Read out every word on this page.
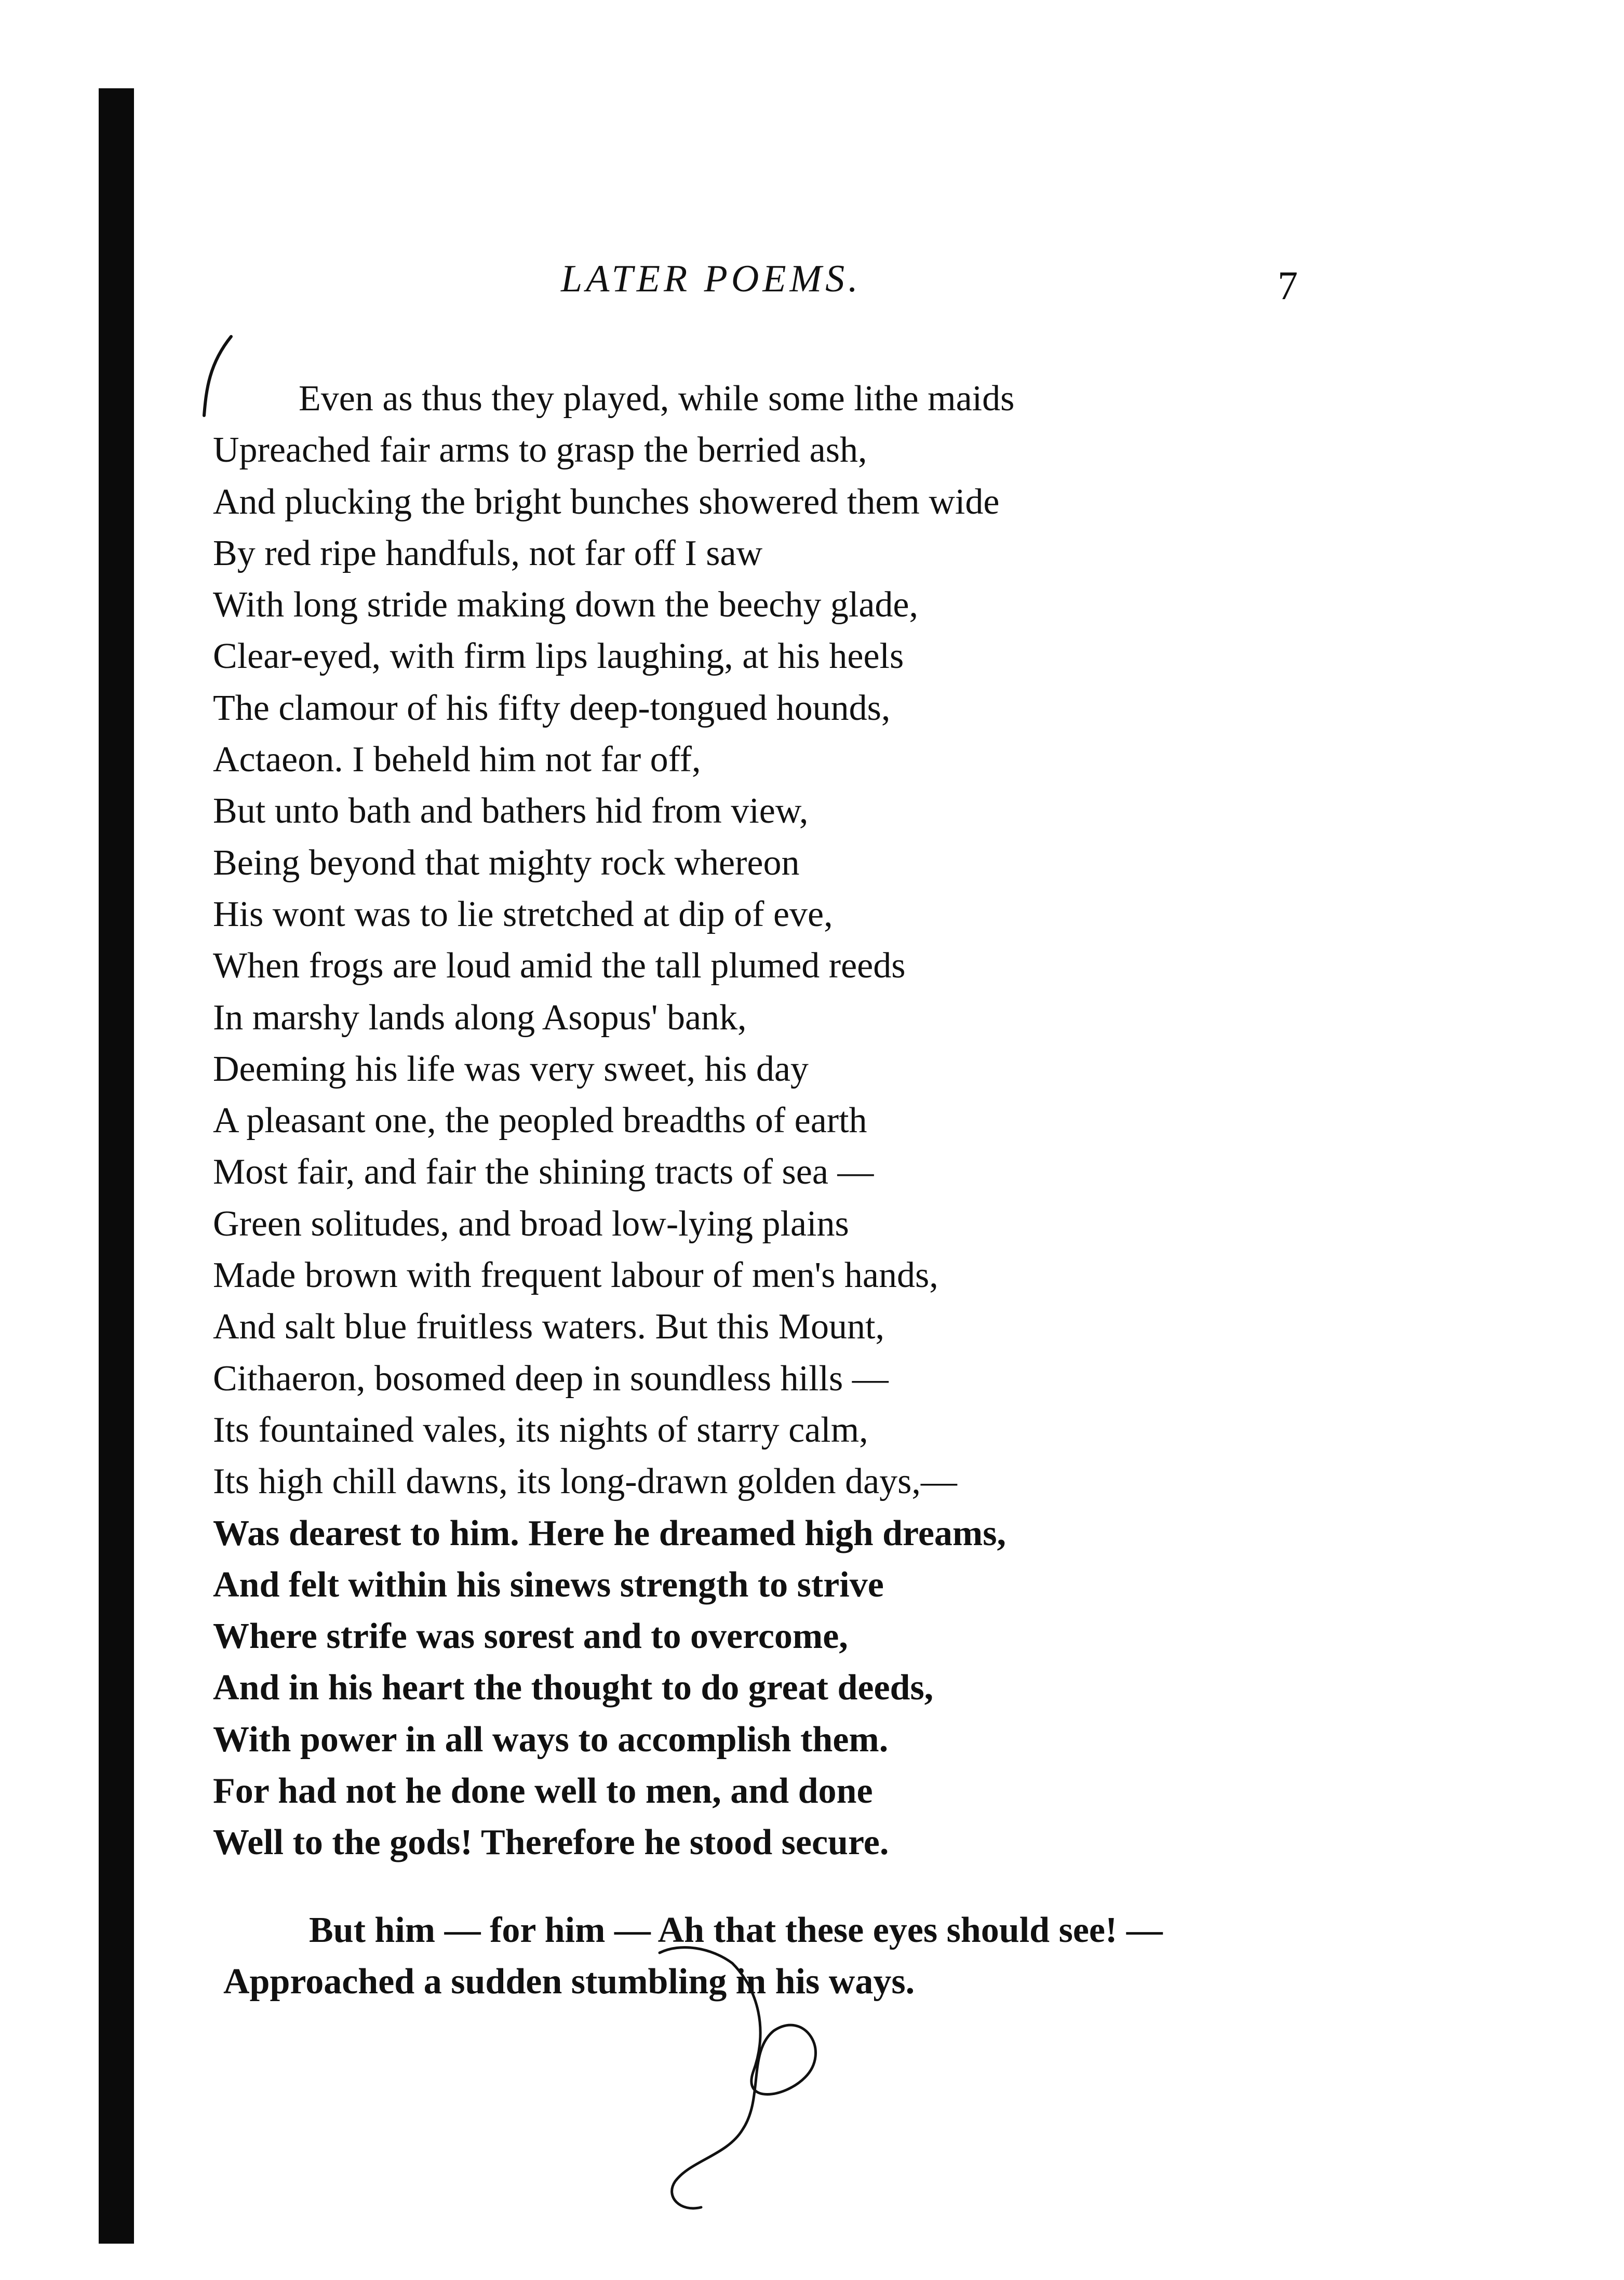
LATER POEMS.	7
Even as thus they played, while some lithe maids
Upreached fair arms to grasp the berried ash,
And plucking the bright bunches showered them wide
By red ripe handfuls, not far off I saw
With long stride making down the beechy glade,
Clear-eyed, with firm lips laughing, at his heels
The clamour of his fifty deep-tongued hounds,
Actaeon. I beheld him not far off,
But unto bath and bathers hid from view,
Being beyond that mighty rock whereon
His wont was to lie stretched at dip of eve,
When frogs are loud amid the tall plumed reeds
In marshy lands along Asopus' bank,
Deeming his life was very sweet, his day
A pleasant one, the peopled breadths of earth
Most fair, and fair the shining tracts of sea —
Green solitudes, and broad low-lying plains
Made brown with frequent labour of men's hands,
And salt blue fruitless waters. But this Mount,
Cithaeron, bosomed deep in soundless hills —
Its fountained vales, its nights of starry calm,
Its high chill dawns, its long-drawn golden days,—
Was dearest to him. Here he dreamed high dreams,
And felt within his sinews strength to strive
Where strife was sorest and to overcome,
And in his heart the thought to do great deeds,
With power in all ways to accomplish them.
For had not he done well to men, and done
Well to the gods! Therefore he stood secure.
But him — for him — Ah that these eyes should see! —
Approached a sudden stumbling in his ways.
